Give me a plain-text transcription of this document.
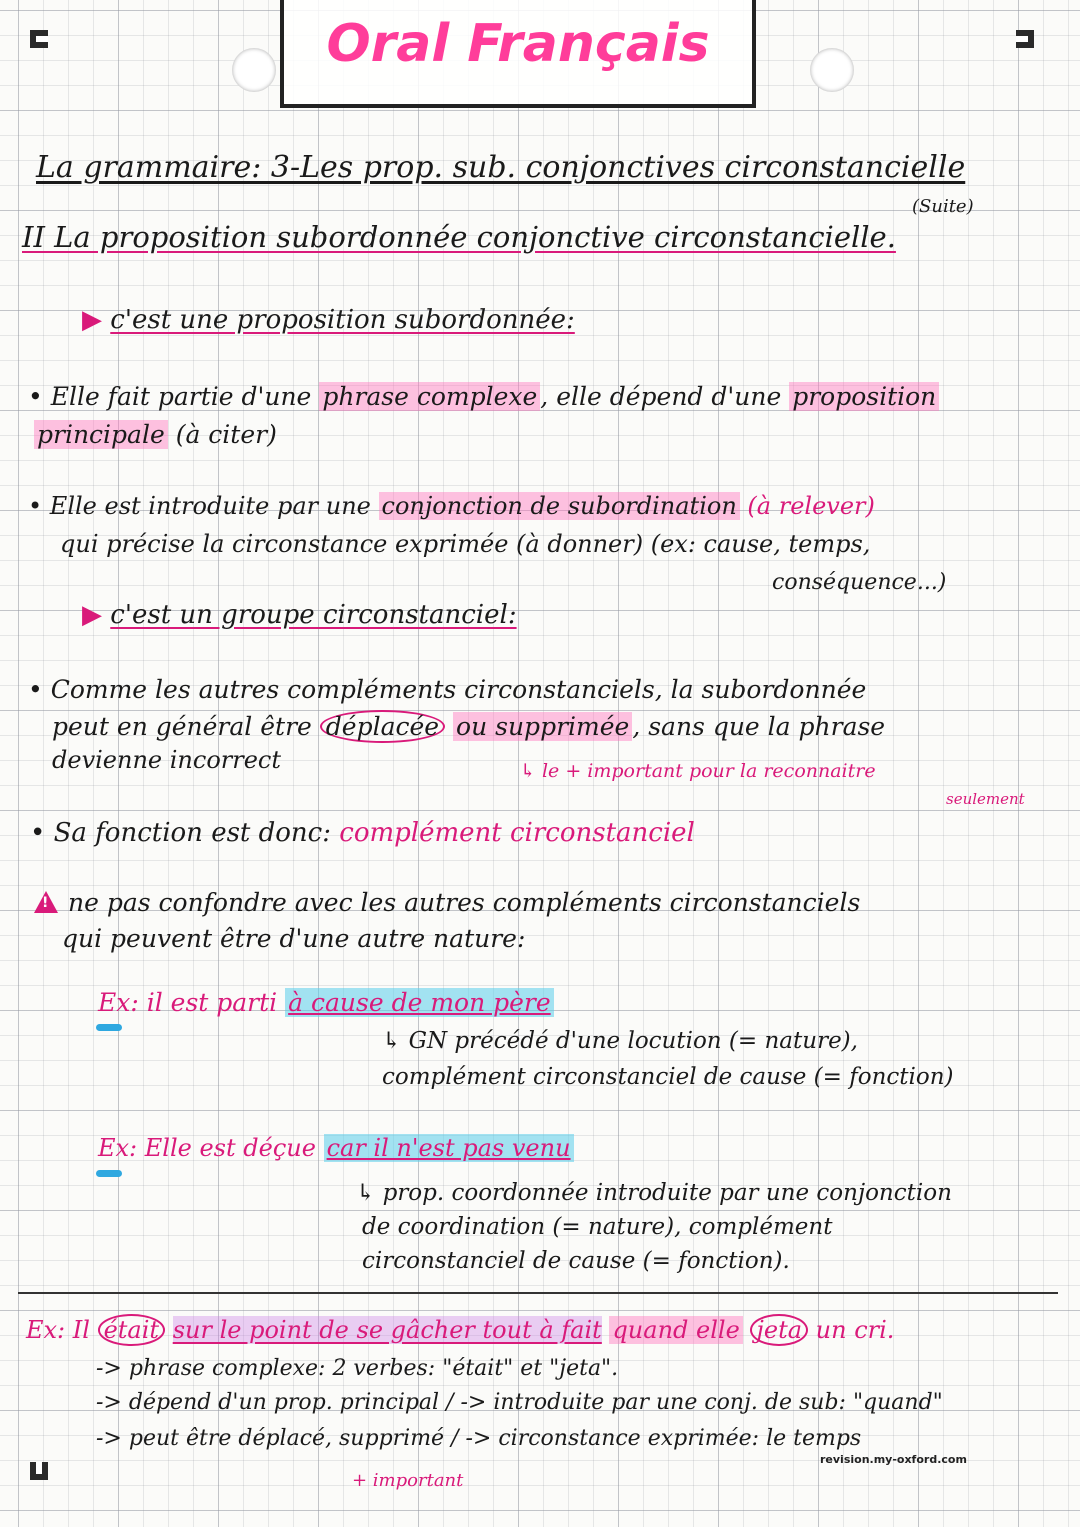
Oral Français
La grammaire: 3-Les prop. sub. conjonctives circonstancielle
(Suite)
II La proposition subordonnée conjonctive circonstancielle.
▶ c'est une proposition subordonnée:
• Elle fait partie d'une phrase complexe , elle dépend d'une proposition
principale (à citer)
• Elle est introduite par une conjonction de subordination (à relever)
qui précise la circonstance exprimée (à donner) (ex: cause, temps,
conséquence...)
▶ c'est un groupe circonstanciel:
• Comme les autres compléments circonstanciels, la subordonnée
peut en général être déplacée ou supprimée , sans que la phrase
devienne incorrect	↳ le + important pour la reconnaitre
seulement
• Sa fonction est donc: complément circonstanciel
! ne pas confondre avec les autres compléments circonstanciels
qui peuvent être d'une autre nature:
Ex: il est parti à cause de mon père
↳ GN précédé d'une locution (= nature),
complément circonstanciel de cause (= fonction)
Ex: Elle est déçue car il n'est pas venu
↳ prop. coordonnée introduite par une conjonction
de coordination (= nature), complément
circonstanciel de cause (= fonction).
Ex: Il était sur le point de se gâcher tout à fait quand elle jeta un cri.
-> phrase complexe: 2 verbes: "était" et "jeta".
-> dépend d'un prop. principal / -> introduite par une conj. de sub: "quand"
-> peut être déplacé, supprimé / -> circonstance exprimée: le temps
+ important
revision.my-oxford.com
